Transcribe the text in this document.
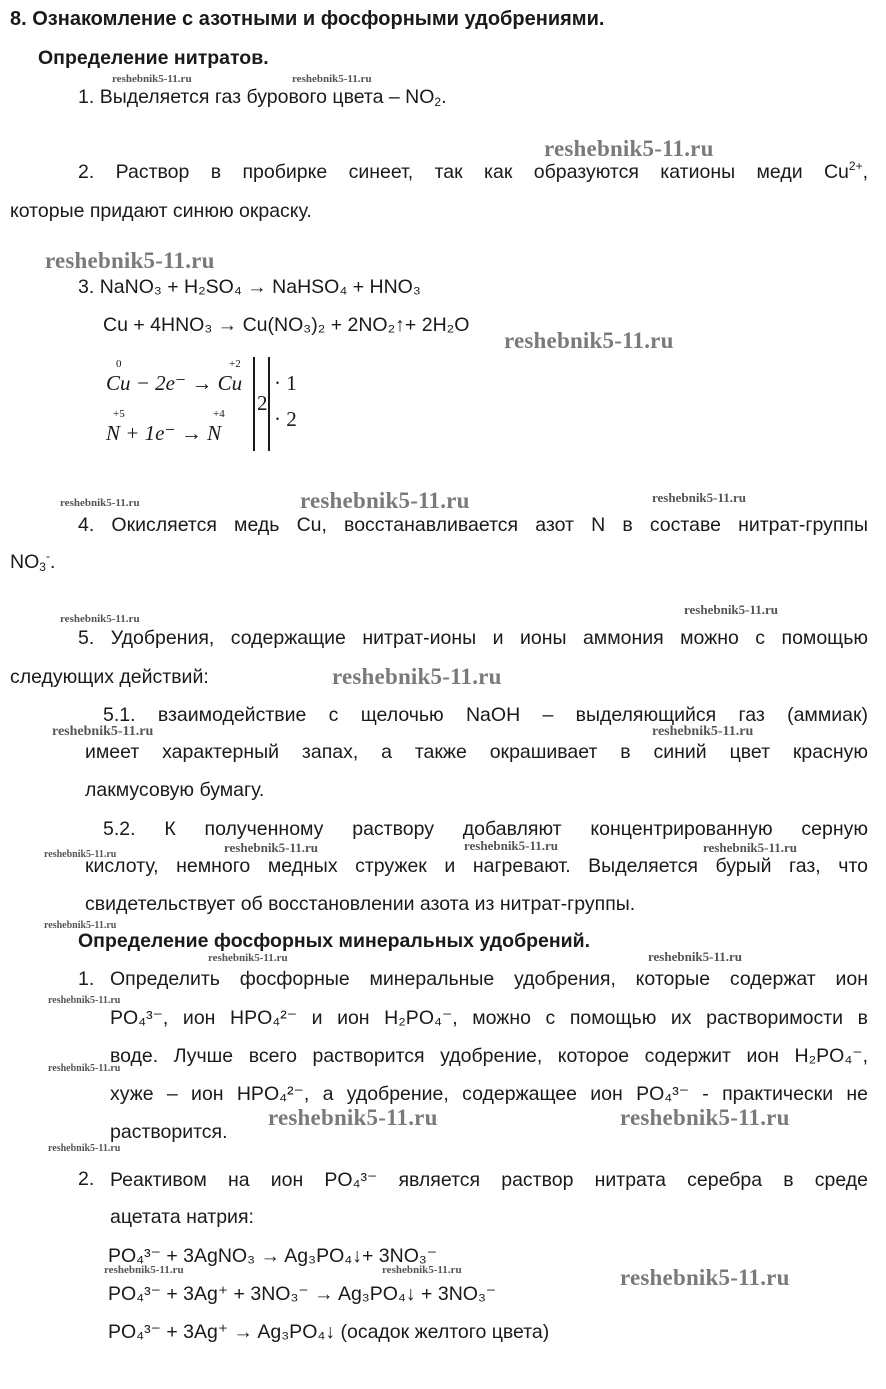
8. Ознакомление с азотными и фосфорными удобрениями.
Определение нитратов.
1. Выделяется газ бурового цвета – $NO_2$.
2. Раствор в пробирке синеет, так как образуются катионы меди $Cu^{2+}$,
которые придают синюю окраску.
3. NaNO₃ + H₂SO₄ → NaHSO₄ + HNO₃
Cu + 4HNO₃ → Cu(NO₃)₂ + 2NO₂↑+ 2H₂O
0	+2
Cu − 2e⁻ → Cu
+5	+4
N + 1e⁻ → N
2
· 1
· 2
4. Окисляется медь Cu, восстанавливается азот N в составе нитрат-группы
$NO_3^-$.
5. Удобрения, содержащие нитрат-ионы и ионы аммония можно с помощью
следующих действий:
5.1. взаимодействие с щелочью NaOH – выделяющийся газ (аммиак)
имеет характерный запах, а также окрашивает в синий цвет красную
лакмусовую бумагу.
5.2. К полученному раствору добавляют концентрированную серную
кислоту, немного медных стружек и нагревают. Выделяется бурый газ, что
свидетельствует об восстановлении азота из нитрат-группы.
Определение фосфорных минеральных удобрений.
1. Определить фосфорные минеральные удобрения, которые содержат ион
PO₄³⁻, ион HPO₄²⁻ и ион H₂PO₄⁻, можно с помощью их растворимости в
воде. Лучше всего растворится удобрение, которое содержит ион H₂PO₄⁻,
хуже – ион HPO₄²⁻, а удобрение, содержащее ион PO₄³⁻ - практически не
растворится.
2. Реактивом на ион PO₄³⁻ является раствор нитрата серебра в среде
ацетата натрия:
PO₄³⁻ + 3AgNO₃ → Ag₃PO₄↓+ 3NO₃⁻
PO₄³⁻ + 3Ag⁺ + 3NO₃⁻ → Ag₃PO₄↓ + 3NO₃⁻
PO₄³⁻ + 3Ag⁺ → Ag₃PO₄↓ (осадок желтого цвета)
reshebnik5-11.ru
reshebnik5-11.ru
reshebnik5-11.ru
reshebnik5-11.ru
reshebnik5-11.ru
reshebnik5-11.ru	reshebnik5-11.ru
reshebnik5-11.ru
reshebnik5-11.ru	reshebnik5-11.ru
reshebnik5-11.ru	reshebnik5-11.ru
reshebnik5-11.ru
reshebnik5-11.ru
reshebnik5-11.ru	reshebnik5-11.ru
reshebnik5-11.ru	reshebnik5-11.ru	reshebnik5-11.ru	reshebnik5-11.ru
reshebnik5-11.ru
reshebnik5-11.ru	reshebnik5-11.ru
reshebnik5-11.ru
reshebnik5-11.ru
reshebnik5-11.ru
reshebnik5-11.ru	reshebnik5-11.ru
